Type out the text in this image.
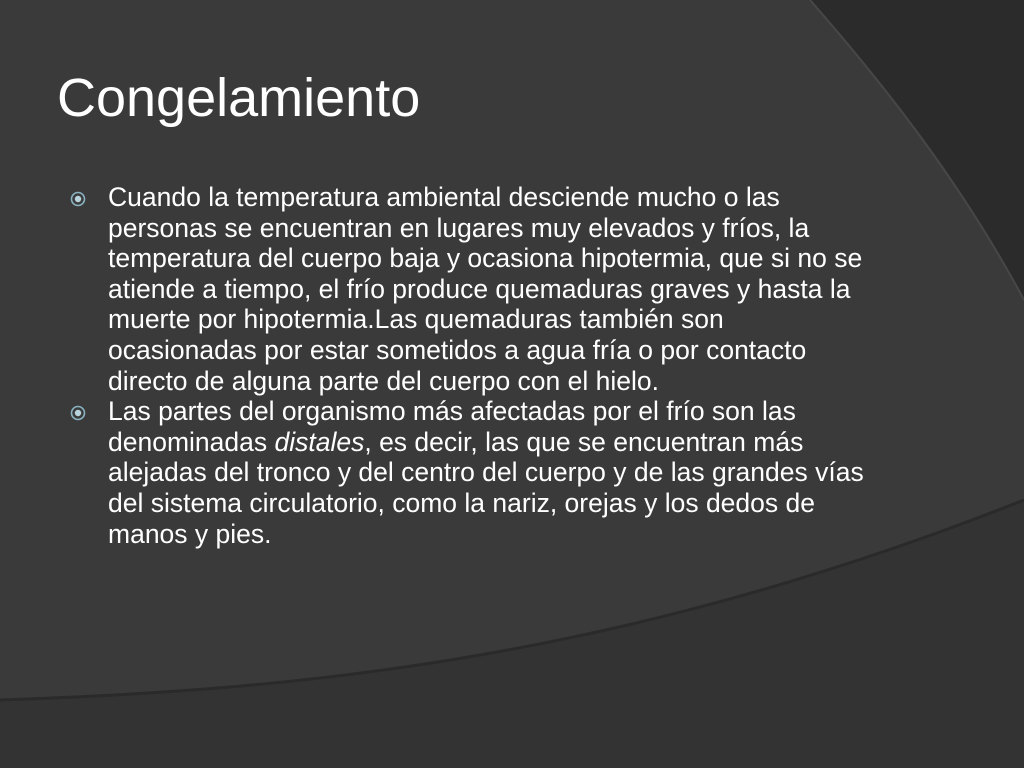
Congelamiento
Cuando la temperatura ambiental desciende mucho o las personas se encuentran en lugares muy elevados y fríos, la temperatura del cuerpo baja y ocasiona hipotermia, que si no se atiende a tiempo, el frío produce quemaduras graves y hasta la muerte por hipotermia.Las quemaduras también son ocasionadas por estar sometidos a agua fría o por contacto directo de alguna parte del cuerpo con el hielo.
Las partes del organismo más afectadas por el frío son las denominadas distales, es decir, las que se encuentran más alejadas del tronco y del centro del cuerpo y de las grandes vías del sistema circulatorio, como la nariz, orejas y los dedos de manos y pies.
